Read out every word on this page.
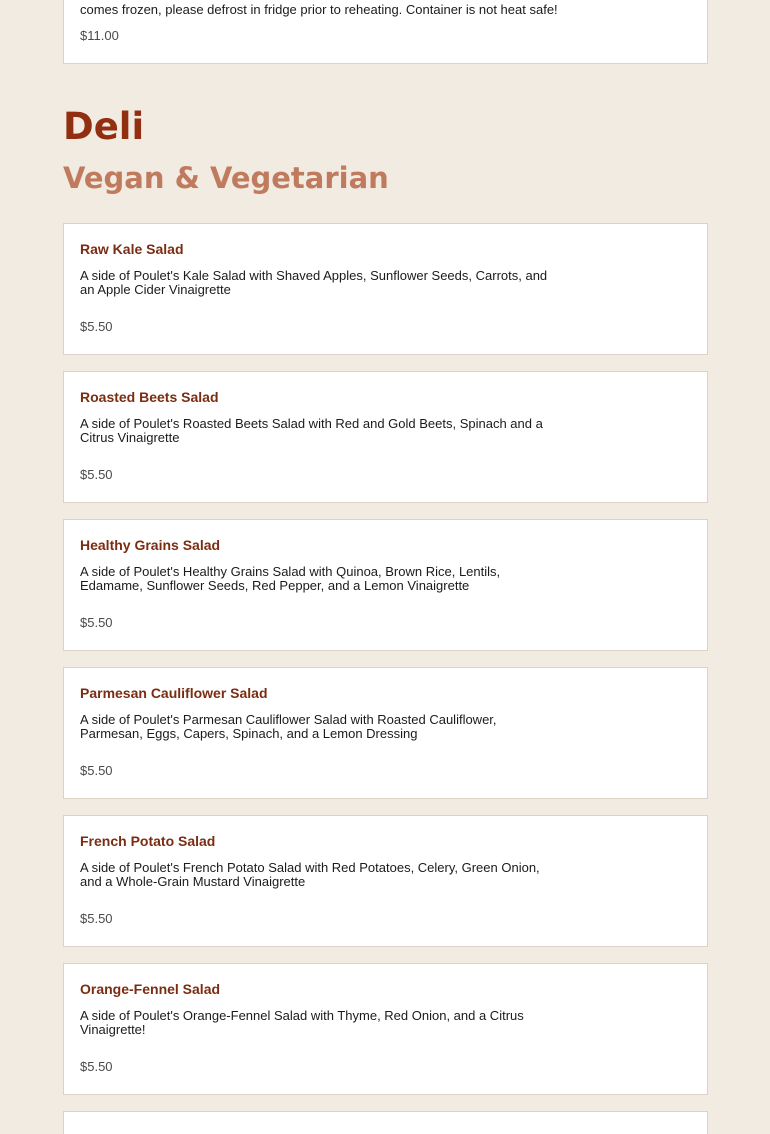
comes frozen, please defrost in fridge prior to reheating. Container is not heat safe!

$11.00
Deli
Vegan & Vegetarian
Raw Kale Salad

A side of Poulet's Kale Salad with Shaved Apples, Sunflower Seeds, Carrots, and an Apple Cider Vinaigrette

$5.50
Roasted Beets Salad

A side of Poulet's Roasted Beets Salad with Red and Gold Beets, Spinach and a Citrus Vinaigrette

$5.50
Healthy Grains Salad

A side of Poulet's Healthy Grains Salad with Quinoa, Brown Rice, Lentils, Edamame, Sunflower Seeds, Red Pepper, and a Lemon Vinaigrette

$5.50
Parmesan Cauliflower Salad

A side of Poulet's Parmesan Cauliflower Salad with Roasted Cauliflower, Parmesan, Eggs, Capers, Spinach, and a Lemon Dressing

$5.50
French Potato Salad

A side of Poulet's French Potato Salad with Red Potatoes, Celery, Green Onion, and a Whole-Grain Mustard Vinaigrette

$5.50
Orange-Fennel Salad

A side of Poulet's Orange-Fennel Salad with Thyme, Red Onion, and a Citrus Vinaigrette!

$5.50
